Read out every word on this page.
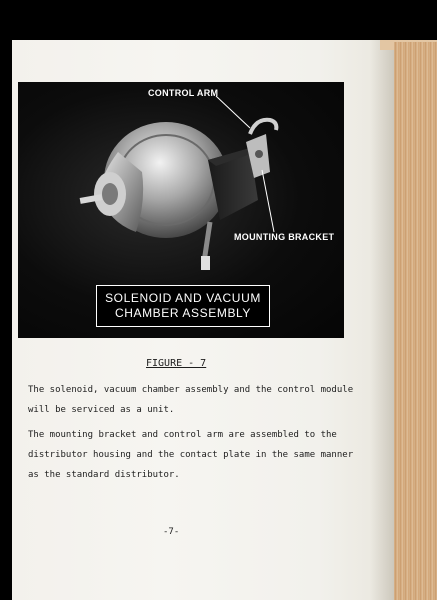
CONTROL ARM
MOUNTING BRACKET
SOLENOID AND VACUUM
CHAMBER ASSEMBLY
FIGURE - 7
The solenoid, vacuum chamber assembly and the control module
will be serviced as a unit.
The mounting bracket and control arm are assembled to the
distributor housing and the contact plate in the same manner
as the standard distributor.
-7-
